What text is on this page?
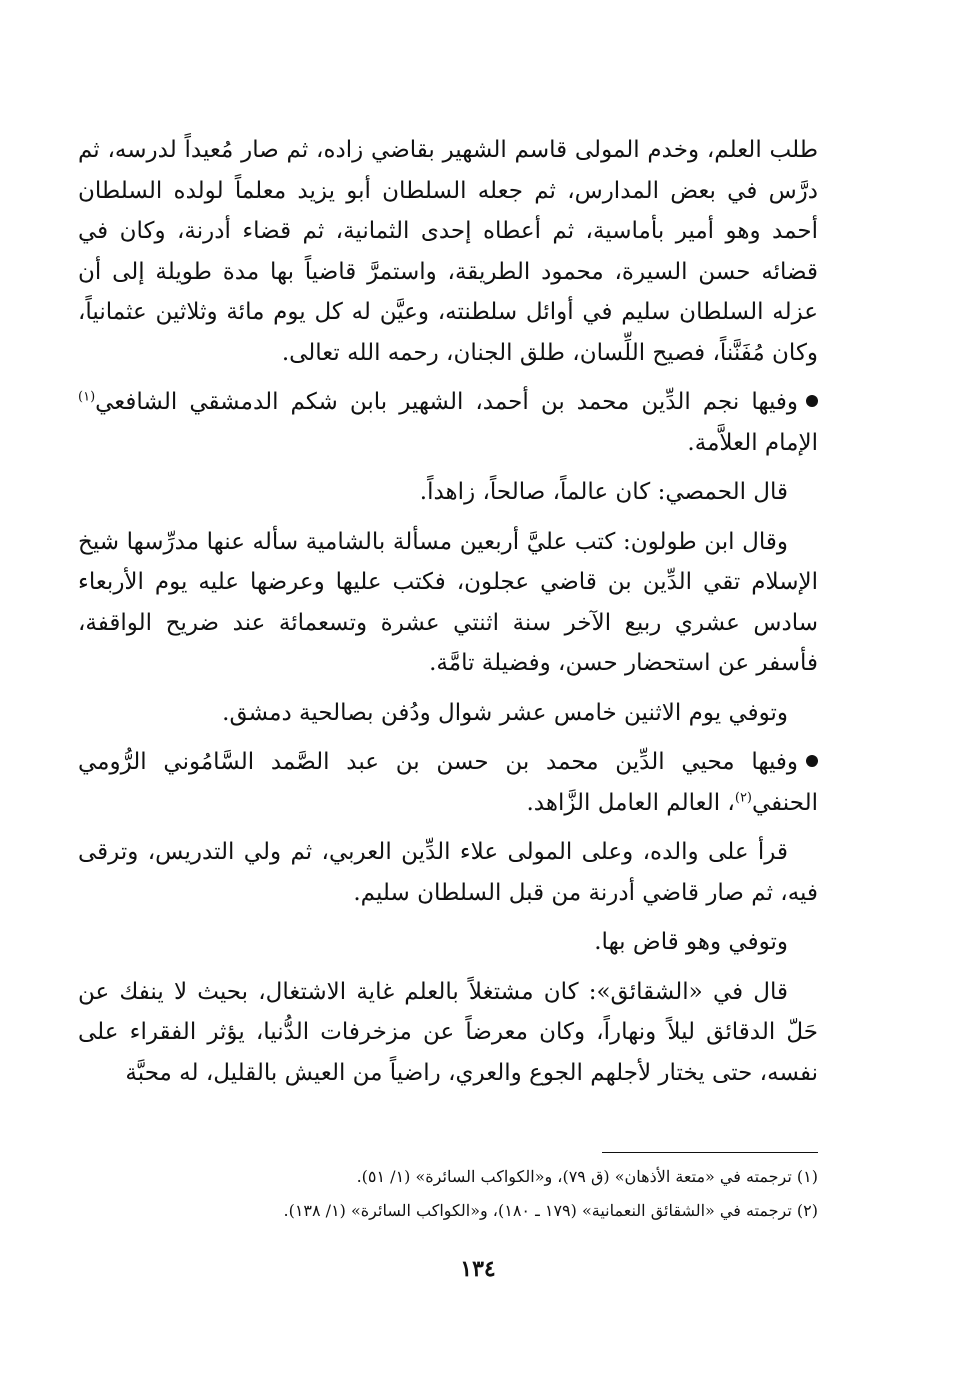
طلب العلم، وخدم المولى قاسم الشهير بقاضي زاده، ثم صار مُعيداً لدرسه، ثم درَّس في بعض المدارس، ثم جعله السلطان أبو يزيد معلماً لولده السلطان أحمد وهو أمير بأماسية، ثم أعطاه إحدى الثمانية، ثم قضاء أدرنة، وكان في قضائه حسن السيرة، محمود الطريقة، واستمرَّ قاضياً بها مدة طويلة إلى أن عزله السلطان سليم في أوائل سلطنته، وعيَّن له كل يوم مائة وثلاثين عثمانياً، وكان مُفَنَّناً، فصيح اللِّسان، طلق الجنان، رحمه الله تعالى.

وفيها نجم الدِّين محمد بن أحمد، الشهير بابن شكم الدمشقي الشافعي$^{(١)}$ الإمام العلاَّمة.

قال الحمصي: كان عالماً، صالحاً، زاهداً.

وقال ابن طولون: كتب عليَّ أربعين مسألة بالشامية سأله عنها مدرِّسها شيخ الإسلام تقي الدِّين بن قاضي عجلون، فكتب عليها وعرضها عليه يوم الأربعاء سادس عشري ربيع الآخر سنة اثنتي عشرة وتسعمائة عند ضريح الواقفة، فأسفر عن استحضار حسن، وفضيلة تامَّة.

وتوفي يوم الاثنين خامس عشر شوال ودُفن بصالحية دمشق.

وفيها محيي الدِّين محمد بن حسن بن عبد الصَّمد السَّامُوني الرُّومي الحنفي$^{(٢)}$، العالم العامل الزَّاهد.

قرأ على والده، وعلى المولى علاء الدِّين العربي، ثم ولي التدريس، وترقى فيه، ثم صار قاضي أدرنة من قبل السلطان سليم.

وتوفي وهو قاض بها.

قال في «الشقائق»: كان مشتغلاً بالعلم غاية الاشتغال، بحيث لا ينفك عن حَلّ الدقائق ليلاً ونهاراً، وكان معرضاً عن مزخرفات الدُّنيا، يؤثر الفقراء على نفسه، حتى يختار لأجلهم الجوع والعري، راضياً من العيش بالقليل، له محبَّة

(١) ترجمته في «متعة الأذهان» (ق ٧٩)، و«الكواكب السائرة» (١/ ٥١).

(٢) ترجمته في «الشقائق النعمانية» (١٧٩ ـ ١٨٠)، و«الكواكب السائرة» (١/ ١٣٨).

١٣٤
